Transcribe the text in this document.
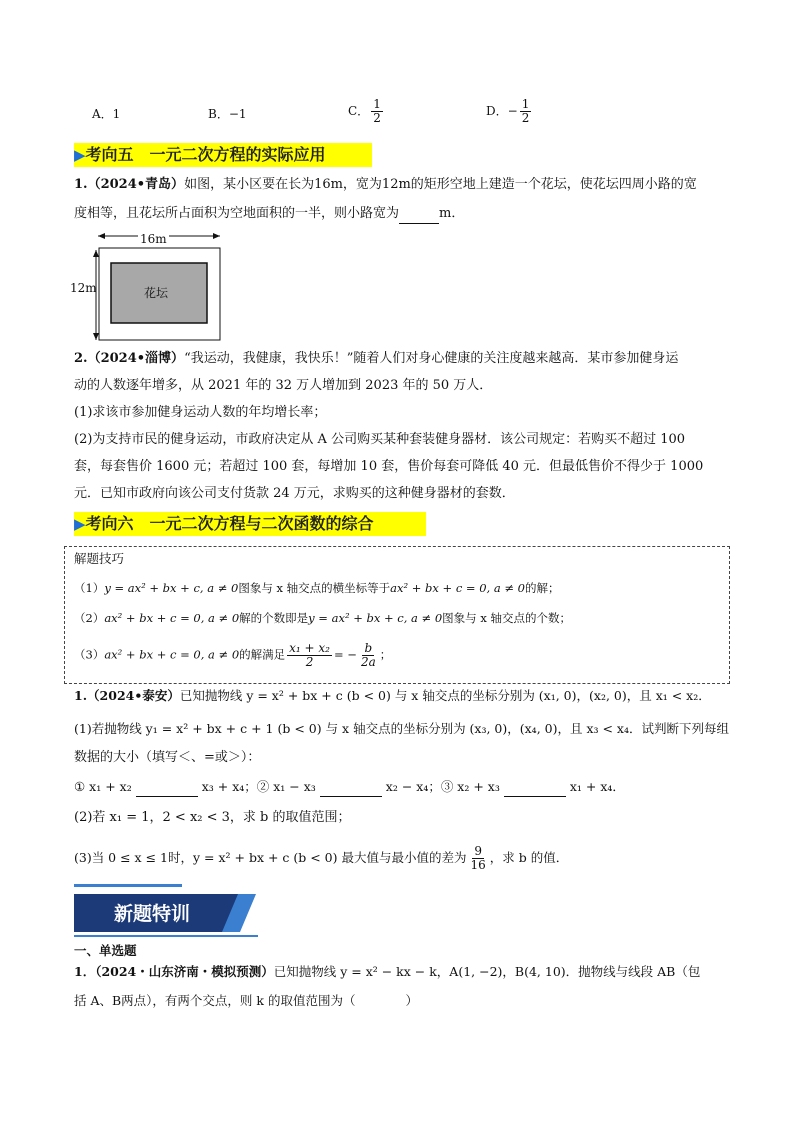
A．1	B．−1	C． $\frac{1}{2}$	D．− $\frac{1}{2}$
▶考向五　一元二次方程的实际应用
1.（2024•青岛）如图，某小区要在长为16m，宽为12m的矩形空地上建造一个花坛，使花坛四周小路的宽
度相等，且花坛所占面积为空地面积的一半，则小路宽为	m．
16m
12m	花坛
2.（2024•淄博）“我运动，我健康，我快乐！”随着人们对身心健康的关注度越来越高．某市参加健身运
动的人数逐年增多，从 2021 年的 32 万人增加到 2023 年的 50 万人．
(1)求该市参加健身运动人数的年均增长率；
(2)为支持市民的健身运动，市政府决定从 A 公司购买某种套装健身器材．该公司规定：若购买不超过 100
套，每套售价 1600 元；若超过 100 套，每增加 10 套，售价每套可降低 40 元．但最低售价不得少于 1000
元．已知市政府向该公司支付货款 24 万元，求购买的这种健身器材的套数．
▶考向六　一元二次方程与二次函数的综合
解题技巧
（1）y = ax² + bx + c, a ≠ 0图象与 x 轴交点的横坐标等于ax² + bx + c = 0, a ≠ 0的解；
（2）ax² + bx + c = 0, a ≠ 0解的个数即是y = ax² + bx + c, a ≠ 0图象与 x 轴交点的个数；
（3）ax² + bx + c = 0, a ≠ 0的解满足 $\frac{\text{x₁ + x₂}}{2}$ = − $\frac{b}{2a}$ ；
1.（2024•泰安）已知抛物线 y = x² + bx + c (b < 0) 与 x 轴交点的坐标分别为 (x₁, 0)，(x₂, 0)，且 x₁ < x₂．
(1)若抛物线 y₁ = x² + bx + c + 1 (b < 0) 与 x 轴交点的坐标分别为 (x₃, 0)，(x₄, 0)，且 x₃ < x₄．试判断下列每组
数据的大小（填写＜、=或＞）：
① x₁ + x₂	x₃ + x₄；② x₁ − x₃	x₂ − x₄；③ x₂ + x₃	x₁ + x₄．
(2)若 x₁ = 1，2 < x₂ < 3，求 b 的取值范围；
(3)当 0 ≤ x ≤ 1时，y = x² + bx + c (b < 0) 最大值与最小值的差为 $\frac{9}{16}$ ，求 b 的值．
新题特训
一、单选题
1．（2024・山东济南・模拟预测）已知抛物线 y = x² − kx − k，A(1, −2)，B(4, 10)．抛物线与线段 AB（包
括 A、B两点），有两个交点，则 k 的取值范围为（　　　　）
